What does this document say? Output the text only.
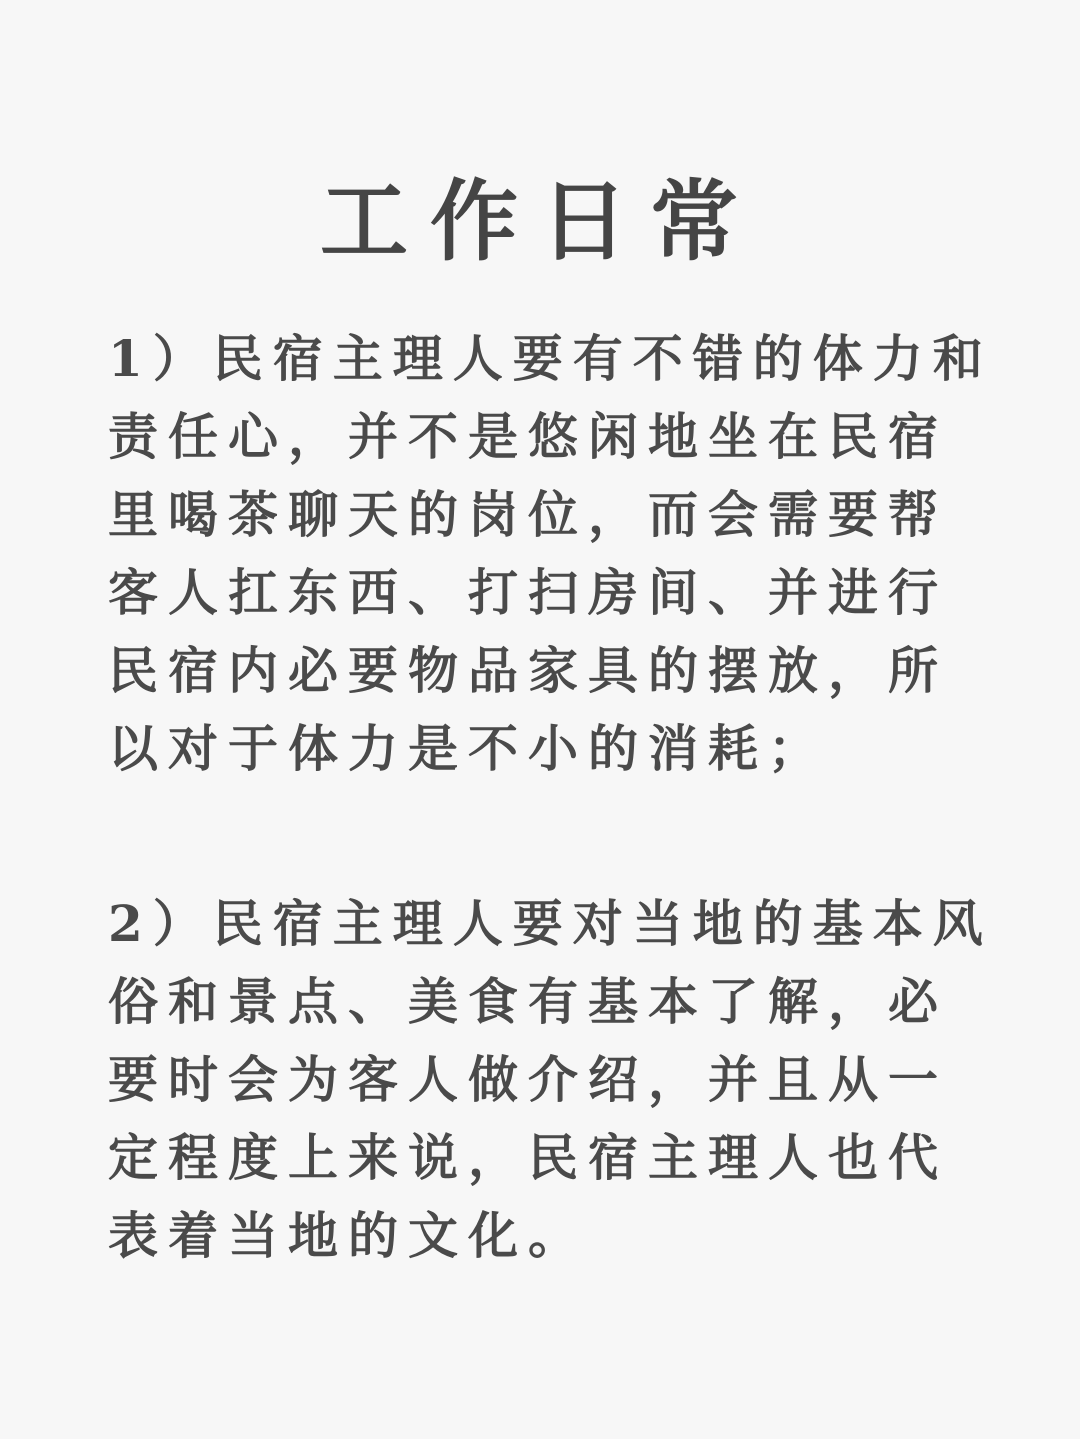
工作日常
1）民宿主理人要有不错的体力和
责任心，并不是悠闲地坐在民宿
里喝茶聊天的岗位，而会需要帮
客人扛东西、打扫房间、并进行
民宿内必要物品家具的摆放，所
以对于体力是不小的消耗；
2）民宿主理人要对当地的基本风
俗和景点、美食有基本了解，必
要时会为客人做介绍，并且从一
定程度上来说，民宿主理人也代
表着当地的文化。
